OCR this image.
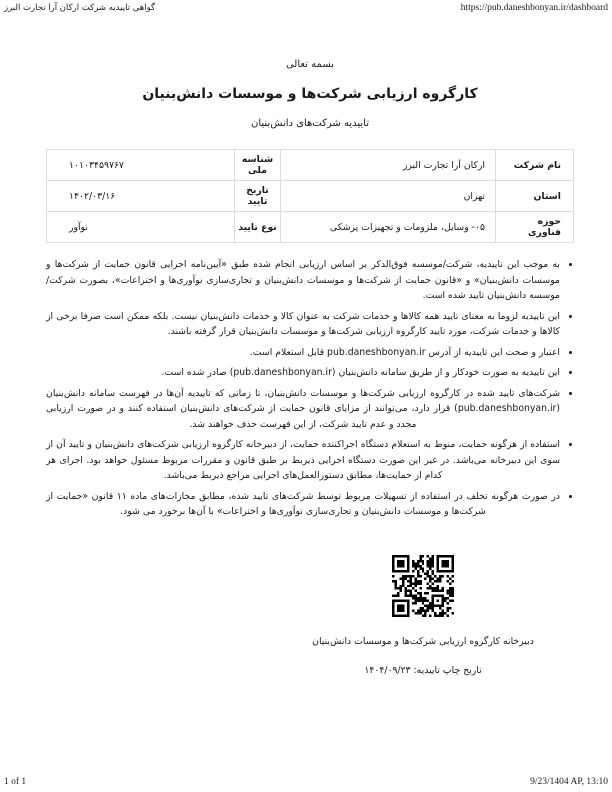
گواهی تاییدیه شرکت ارکان آرا تجارت البرز	https://pub.daneshbonyan.ir/dashboard
بسمه تعالی
کارگروه ارزیابی شرکت‌ها و موسسات دانش‌بنیان
تاییدیه شرکت‌های دانش‌بنیان
نام شرکت	ارکان آرا تجارت البرز	شناسه ملی	۱۰۱۰۳۴۵۹۷۶۷
استان	تهران	تاریخ تایید	۱۴۰۲/۰۳/۱۶
حوزه فناوری	۰۵- وسایل، ملزومات و تجهیزات پزشکی	نوع تایید	نوآور
• به موجب این تاییدیه، شرکت/موسسه فوق‌الذکر بر اساس ارزیابی انجام شده طبق «آیین‌نامه اجرایی قانون حمایت از شرکت‌ها و موسسات دانش‌بنیان» و «قانون حمایت از شرکت‌ها و موسسات دانش‌بنیان و تجاری‌سازی نوآوری‌ها و اختراعات»، بصورت شرکت/موسسه دانش‌بنیان تایید شده است.
• این تاییدیه لزوما به معنای تایید همه کالاها و خدمات شرکت به عنوان کالا و خدمات دانش‌بنیان نیست. بلکه ممکن است صرفا برخی از کالاها و خدمات شرکت، مورد تایید کارگروه ارزیابی شرکت‌ها و موسسات دانش‌بنیان قرار گرفته باشند.
• اعتبار و صحت این تاییدیه از آدرس pub.daneshbonyan.ir قابل استعلام است.
• این تاییدیه به صورت خودکار و از طریق سامانه دانش‌بنیان (pub.daneshbonyan.ir) صادر شده است.
• شرکت‌های تایید شده در کارگروه ارزیابی شرکت‌ها و موسسات دانش‌بنیان، تا زمانی که تاییدیه آن‌ها در فهرست سامانه دانش‌بنیان (pub.daneshbonyan.ir) قرار دارد، می‌توانند از مزایای قانون حمایت از شرکت‌های دانش‌بنیان استفاده کنند و در صورت ارزیابی مجدد و عدم تایید شرکت، از این فهرست حذف خواهند شد.
• استفاده از هرگونه حمایت، منوط به استعلام دستگاه اجراکننده حمایت، از دبیرخانه کارگروه ارزیابی شرکت‌های دانش‌بنیان و تایید آن از سوی این دبیرخانه می‌باشد. در غیر این صورت دستگاه اجرایی ذیربط بر طبق قانون و مقررات مربوط مسئول خواهد بود. اجرای هر کدام از حمایت‌ها، مطابق دستورالعمل‌های اجرایی مراجع ذیربط می‌باشد.
• در صورت هرگونه تخلف در استفاده از تسهیلات مربوط توسط شرکت‌های تایید شده، مطابق مجازات‌های ماده ۱۱ قانون «حمایت از شرکت‌ها و موسسات دانش‌بنیان و تجاری‌سازی نوآوری‌ها و اختراعات» با آن‌ها برخورد می شود.
دبیرخانه کارگروه ارزیابی شرکت‌ها و موسسات دانش‌بنیان
تاریخ چاپ تاییدیه: ۱۴۰۴/۰۹/۲۳
1 of 1	9/23/1404 AP, 13:10
